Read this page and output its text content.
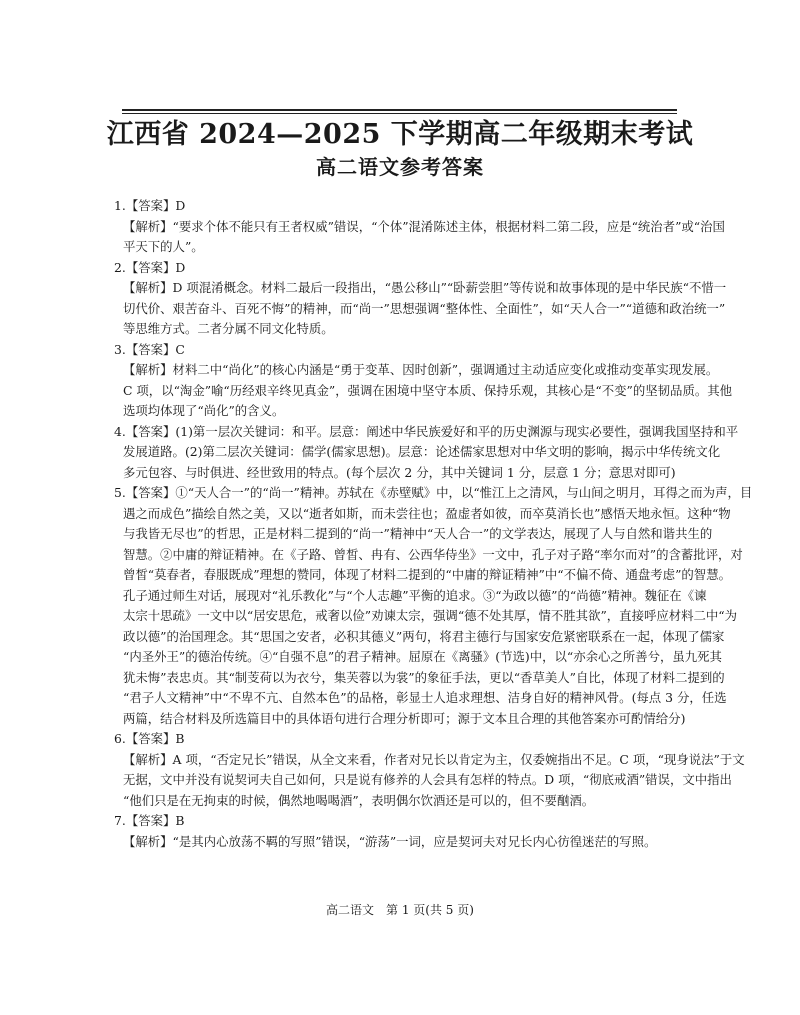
江西省 2024—2025 下学期高二年级期末考试
高二语文参考答案
1.【答案】D
【解析】“要求个体不能只有王者权威”错误，“个体”混淆陈述主体，根据材料二第二段，应是“统治者”或“治国
平天下的人”。
2.【答案】D
【解析】D 项混淆概念。材料二最后一段指出，“愚公移山”“卧薪尝胆”等传说和故事体现的是中华民族“不惜一
切代价、艰苦奋斗、百死不悔”的精神，而“尚一”思想强调“整体性、全面性”，如“天人合一”“道德和政治统一”
等思维方式。二者分属不同文化特质。
3.【答案】C
【解析】材料二中“尚化”的核心内涵是“勇于变革、因时创新”，强调通过主动适应变化或推动变革实现发展。
C 项，以“淘金”喻“历经艰辛终见真金”，强调在困境中坚守本质、保持乐观，其核心是“不变”的坚韧品质。其他
选项均体现了“尚化”的含义。
4.【答案】(1)第一层次关键词：和平。层意：阐述中华民族爱好和平的历史渊源与现实必要性，强调我国坚持和平
发展道路。(2)第二层次关键词：儒学(儒家思想)。层意：论述儒家思想对中华文明的影响，揭示中华传统文化
多元包容、与时俱进、经世致用的特点。(每个层次 2 分，其中关键词 1 分，层意 1 分；意思对即可)
5.【答案】①“天人合一”的“尚一”精神。苏轼在《赤壁赋》中，以“惟江上之清风，与山间之明月，耳得之而为声，目
遇之而成色”描绘自然之美，又以“逝者如斯，而未尝往也；盈虚者如彼，而卒莫消长也”感悟天地永恒。这种“物
与我皆无尽也”的哲思，正是材料二提到的“尚一”精神中“天人合一”的文学表达，展现了人与自然和谐共生的
智慧。②中庸的辩证精神。在《子路、曾皙、冉有、公西华侍坐》一文中，孔子对子路“率尔而对”的含蓄批评，对
曾皙“莫春者，春服既成”理想的赞同，体现了材料二提到的“中庸的辩证精神”中“不偏不倚、通盘考虑”的智慧。
孔子通过师生对话，展现对“礼乐教化”与“个人志趣”平衡的追求。③“为政以德”的“尚德”精神。魏征在《谏
太宗十思疏》一文中以“居安思危，戒奢以俭”劝谏太宗，强调“德不处其厚，情不胜其欲”，直接呼应材料二中“为
政以德”的治国理念。其“思国之安者，必积其德义”两句，将君主德行与国家安危紧密联系在一起，体现了儒家
“内圣外王”的德治传统。④“自强不息”的君子精神。屈原在《离骚》(节选)中，以“亦余心之所善兮，虽九死其
犹未悔”表忠贞。其“制芰荷以为衣兮，集芙蓉以为裳”的象征手法，更以“香草美人”自比，体现了材料二提到的
“君子人文精神”中“不卑不亢、自然本色”的品格，彰显士人追求理想、洁身自好的精神风骨。(每点 3 分，任选
两篇，结合材料及所选篇目中的具体语句进行合理分析即可；源于文本且合理的其他答案亦可酌情给分)
6.【答案】B
【解析】A 项，“否定兄长”错误，从全文来看，作者对兄长以肯定为主，仅委婉指出不足。C 项，“现身说法”于文
无据，文中并没有说契诃夫自己如何，只是说有修养的人会具有怎样的特点。D 项，“彻底戒酒”错误，文中指出
“他们只是在无拘束的时候，偶然地喝喝酒”，表明偶尔饮酒还是可以的，但不要酗酒。
7.【答案】B
【解析】“是其内心放荡不羁的写照”错误，“游荡”一词，应是契诃夫对兄长内心彷徨迷茫的写照。
高二语文　第 1 页(共 5 页)
